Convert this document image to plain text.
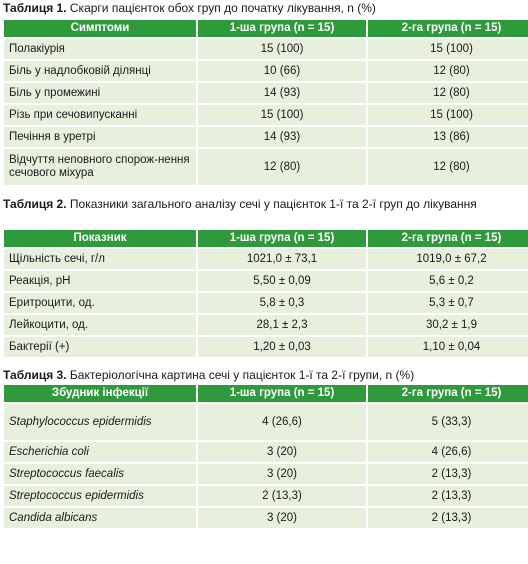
Таблиця 1. Скарги пацієнток обох груп до початку лікування, n (%)
Симптоми	1-ша група (n = 15)	2-га група (n = 15)
Полакіурія	15 (100)	15 (100)
Біль у надлобковій ділянці	10 (66)	12 (80)
Біль у промежині	14 (93)	12 (80)
Різь при сечовипусканні	15 (100)	15 (100)
Печіння в уретрі	14 (93)	13 (86)
Відчуття неповного спорож-нення сечового міхура	12 (80)	12 (80)
Таблиця 2. Показники загального аналізу сечі у пацієнток 1-ї та 2-ї груп до лікування
Показник	1-ша група (n = 15)	2-га група (n = 15)
Щільність сечі, г/л	1021,0 ± 73,1	1019,0 ± 67,2
Реакція, pH	5,50 ± 0,09	5,6 ± 0,2
Еритроцити, од.	5,8 ± 0,3	5,3 ± 0,7
Лейкоцити, од.	28,1 ± 2,3	30,2 ± 1,9
Бактерії (+)	1,20 ± 0,03	1,10 ± 0,04
Таблиця 3. Бактеріологічна картина сечі у пацієнток 1-ї та 2-ї групи, n (%)
Збудник інфекції	1-ша група (n = 15)	2-га група (n = 15)
Staphylococcus epidermidis	4 (26,6)	5 (33,3)
Escherichia coli	3 (20)	4 (26,6)
Streptococcus faecalis	3 (20)	2 (13,3)
Streptococcus epidermidis	2 (13,3)	2 (13,3)
Candida albicans	3 (20)	2 (13,3)
